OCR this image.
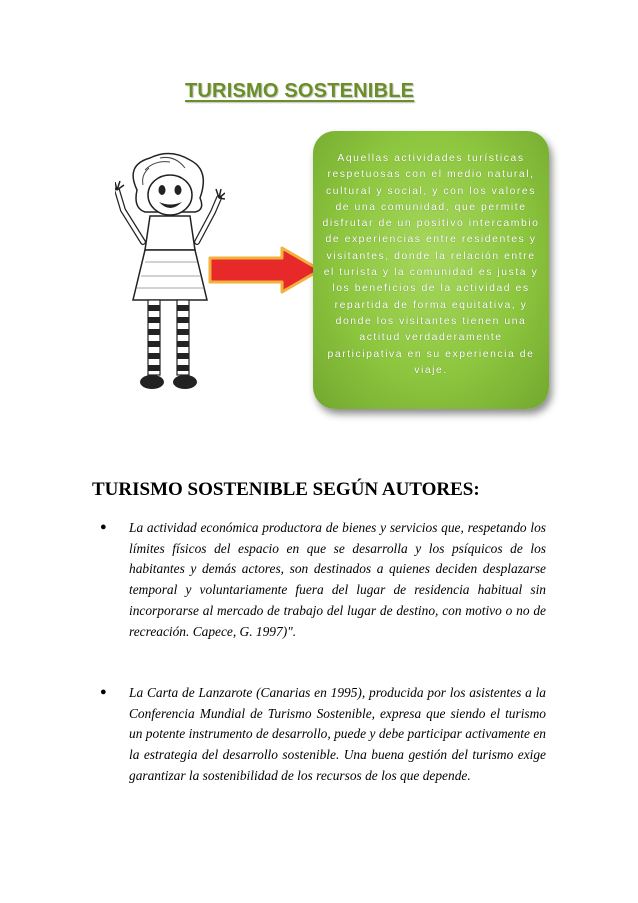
TURISMO SOSTENIBLE
Aquellas actividades turísticas respetuosas con el medio natural, cultural y social, y con los valores de una comunidad, que permite disfrutar de un positivo intercambio de experiencias entre residentes y visitantes, donde la relación entre el turista y la comunidad es justa y los beneficios de la actividad es repartida de forma equitativa, y donde los visitantes tienen una actitud verdaderamente participativa en su experiencia de viaje.
TURISMO SOSTENIBLE SEGÚN AUTORES:
● La actividad económica productora de bienes y servicios que, respetando los límites físicos del espacio en que se desarrolla y los psíquicos de los habitantes y demás actores, son destinados a quienes deciden desplazarse temporal y voluntariamente fuera del lugar de residencia habitual sin incorporarse al mercado de trabajo del lugar de destino, con motivo o no de recreación. Capece, G. 1997)".
● La Carta de Lanzarote (Canarias en 1995), producida por los asistentes a la Conferencia Mundial de Turismo Sostenible, expresa que siendo el turismo un potente instrumento de desarrollo, puede y debe participar activamente en la estrategia del desarrollo sostenible. Una buena gestión del turismo exige garantizar la sostenibilidad de los recursos de los que depende.
